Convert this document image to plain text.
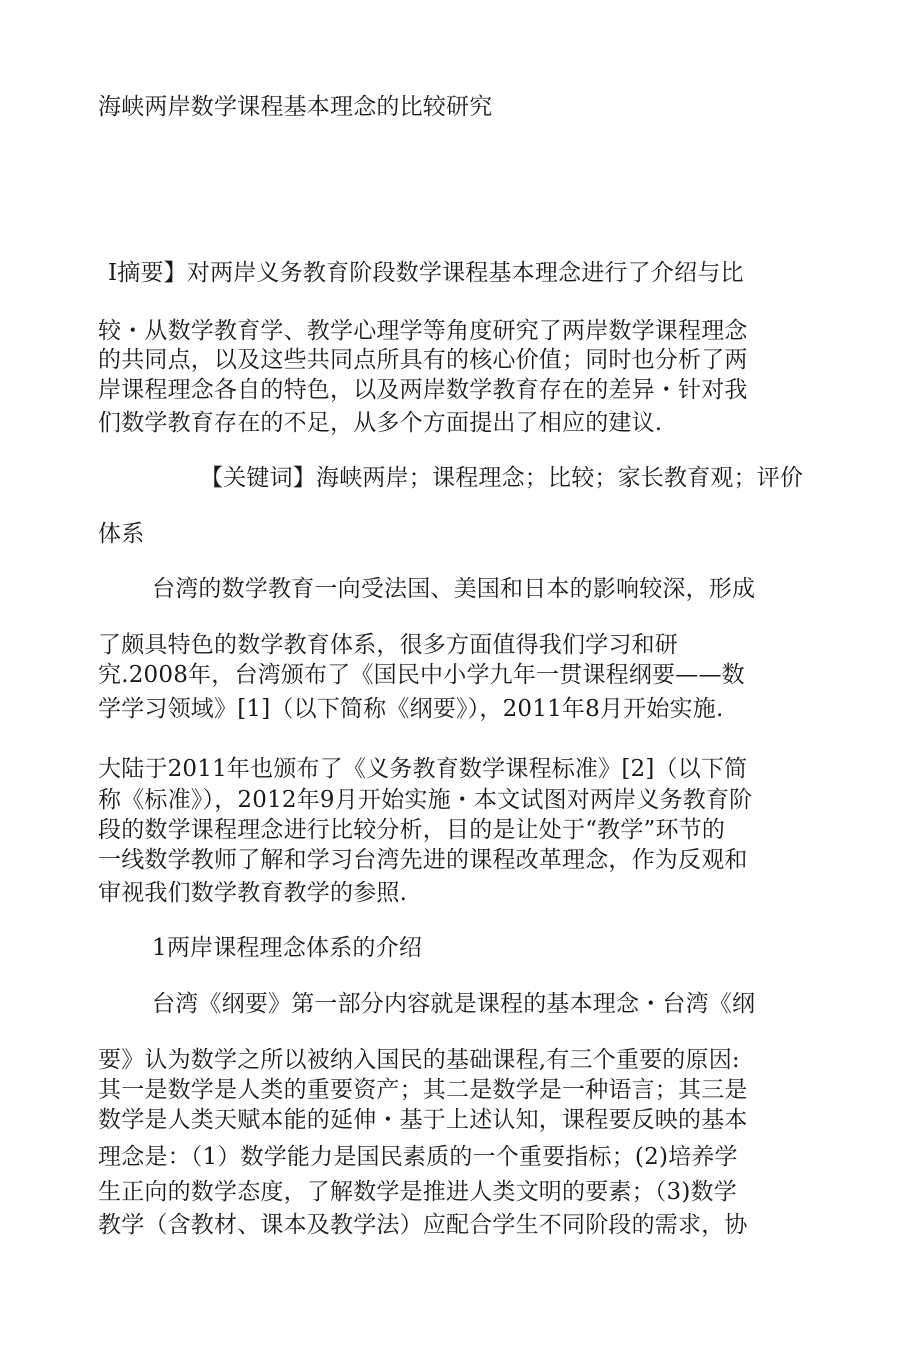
海峡两岸数学课程基本理念的比较研究
I摘要】对两岸义务教育阶段数学课程基本理念进行了介绍与比
较・从数学教育学、教学心理学等角度研究了两岸数学课程理念
的共同点，以及这些共同点所具有的核心价值；同时也分析了两
岸课程理念各自的特色，以及两岸数学教育存在的差异・针对我
们数学教育存在的不足，从多个方面提出了相应的建议.
【关键词】海峡两岸；课程理念；比较；家长教育观；评价
体系
台湾的数学教育一向受法国、美国和日本的影响较深，形成
了颇具特色的数学教育体系，很多方面值得我们学习和研
究.2008年，台湾颁布了《国民中小学九年一贯课程纲要——数
学学习领域》[1]（以下简称《纲要》），2011年8月开始实施.
大陆于2011年也颁布了《义务教育数学课程标准》[2]（以下简
称《标准》），2012年9月开始实施・本文试图对两岸义务教育阶
段的数学课程理念进行比较分析，目的是让处于“教学”环节的
一线数学教师了解和学习台湾先进的课程改革理念，作为反观和
审视我们数学教育教学的参照.
1两岸课程理念体系的介绍
台湾《纲要》第一部分内容就是课程的基本理念・台湾《纲
要》认为数学之所以被纳入国民的基础课程,有三个重要的原因:
其一是数学是人类的重要资产；其二是数学是一种语言；其三是
数学是人类天赋本能的延伸・基于上述认知，课程要反映的基本
理念是：（1）数学能力是国民素质的一个重要指标；(2)培养学
生正向的数学态度，了解数学是推进人类文明的要素；（3)数学
教学（含教材、课本及教学法）应配合学生不同阶段的需求，协
